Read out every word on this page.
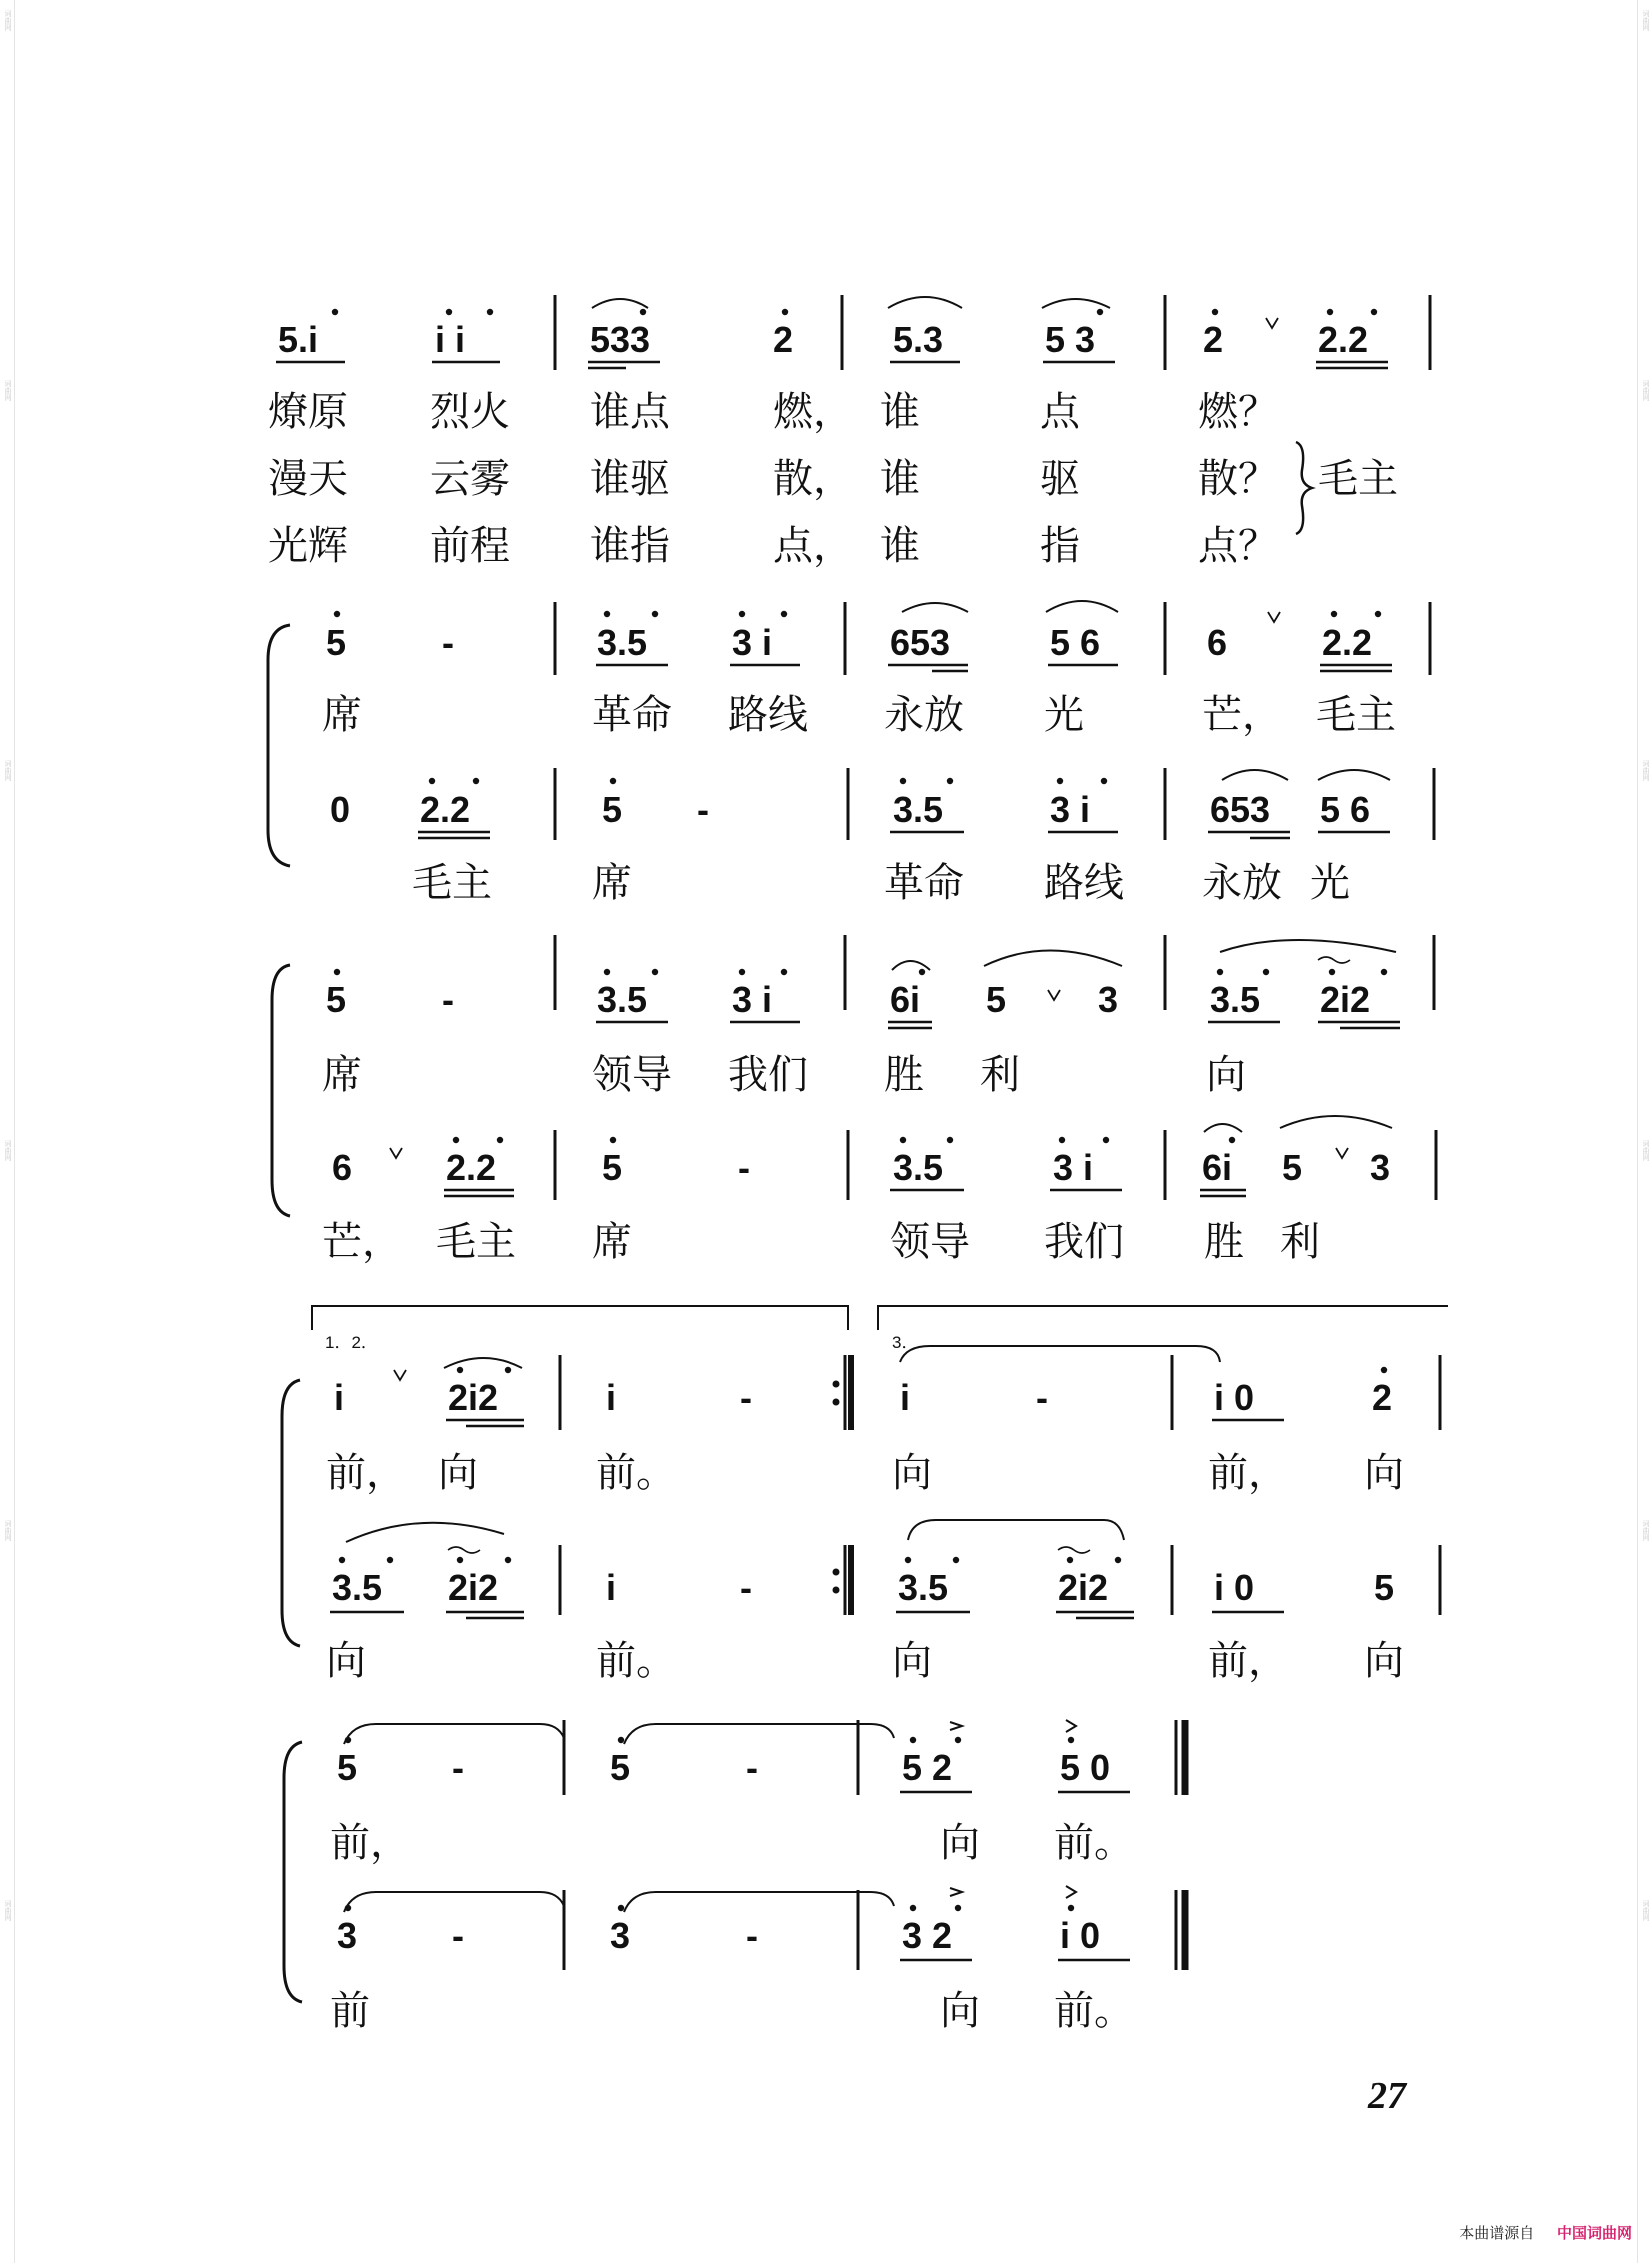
词曲网
词曲网
词曲网
词曲网
词曲网
词曲网
词曲网
词曲网
词曲网
词曲网
词曲网
词曲网
5.i	i i	533	2	5.3	5 3	2	2.2
燎原 烈火 谁点	燃， 谁	点	燃？
漫天 云雾 谁驱	散， 谁	驱	散？
光辉 前程 谁指	点， 谁	指	点？
毛主
5	-	3.5 3 i	653	5 6	6	2.2
席	革命 路线 永放 光	芒， 毛主
0 2.2	5 -	3.5	3 i	653 5 6
毛主	席	革命 路线 永放 光
5	-	3.5 3 i	6i 5	3	3.5 2i2
席	领导 我们 胜 利	向
6	2.2	5	-	3.5	3 i	6i 5 3
芒， 毛主 席	领导 我们 胜 利
1．2．	3．
i	2i2	i	-	i	-	i 0	2
前， 向	前。	向	前， 向
3.5 2i2	i	-	3.5	2i2	i 0	5
向	前。	向	前， 向
5	-	5	-	5 2	5 0
前，	向 前。
3	-	3	-	3 2	i 0
前	向 前。
27
本曲谱源自 中国词曲网
